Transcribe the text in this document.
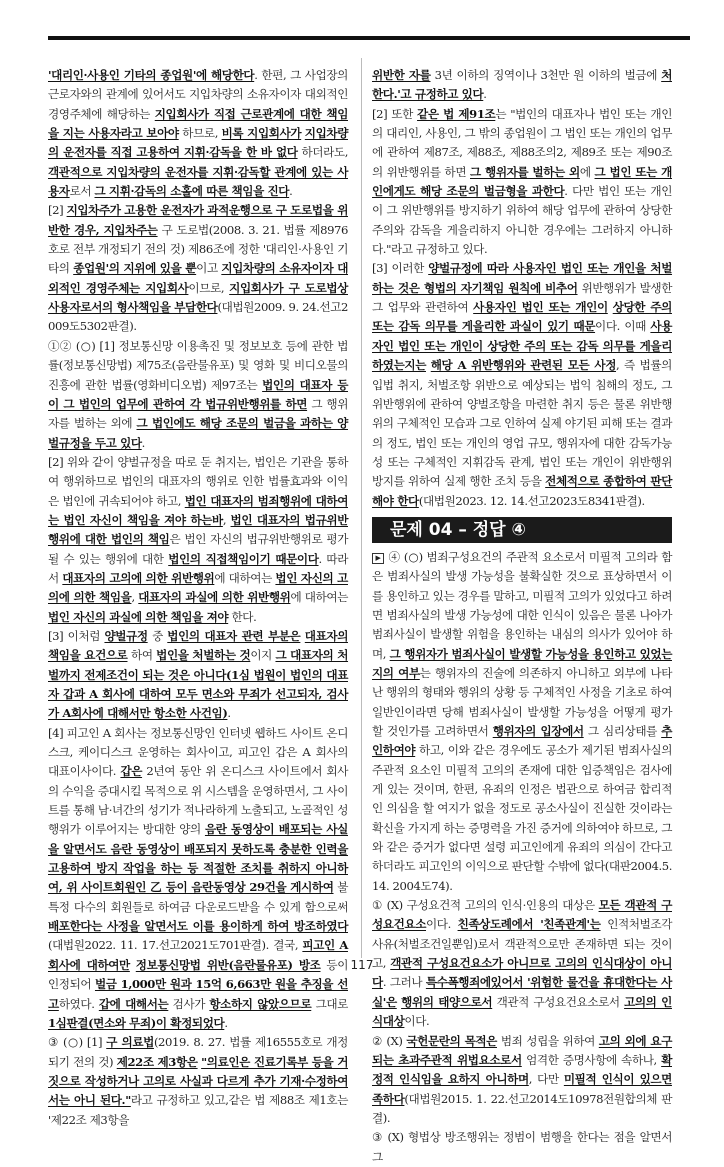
'대리인·사용인 기타의 종업원'에 해당한다. 한편, 그 사업장의 근로자와의 관계에 있어서도 지입차량의 소유자이자 대외적인 경영주체에 해당하는 지입회사가 직접 근로관계에 대한 책임을 지는 사용자라고 보아야 하므로, 비록 지입회사가 지입차량의 운전자를 직접 고용하여 지휘·감독을 한 바 없다 하더라도, 객관적으로 지입차량의 운전자를 지휘·감독할 관계에 있는 사용자로서 그 지휘·감독의 소홀에 따른 책임을 진다.

[2] 지입차주가 고용한 운전자가 과적운행으로 구 도로법을 위반한 경우, 지입차주는 구 도로법(2008. 3. 21. 법률 제8976호로 전부 개정되기 전의 것) 제86조에 정한 '대리인·사용인 기타의 종업원'의 지위에 있을 뿐이고 지입차량의 소유자이자 대외적인 경영주체는 지입회사이므로, 지입회사가 구 도로법상 사용자로서의 형사책임을 부담한다(대법원2009. 9. 24.선고2009도5302판결).

①② (○) [1] 정보통신망 이용촉진 및 정보보호 등에 관한 법률(정보통신망법) 제75조(음란물유포) 및 영화 및 비디오물의 진흥에 관한 법률(영화비디오법) 제97조는 법인의 대표자 등이 그 법인의 업무에 관하여 각 법규위반행위를 하면 그 행위자를 벌하는 외에 그 법인에도 해당 조문의 벌금을 과하는 양벌규정을 두고 있다.

[2] 위와 같이 양벌규정을 따로 둔 취지는, 법인은 기관을 통하여 행위하므로 법인의 대표자의 행위로 인한 법률효과와 이익은 법인에 귀속되어야 하고, 법인 대표자의 범죄행위에 대하여는 법인 자신이 책임을 져야 하는바, 법인 대표자의 법규위반행위에 대한 법인의 책임은 법인 자신의 법규위반행위로 평가될 수 있는 행위에 대한 법인의 직접책임이기 때문이다. 따라서 대표자의 고의에 의한 위반행위에 대하여는 법인 자신의 고의에 의한 책임을, 대표자의 과실에 의한 위반행위에 대하여는 법인 자신의 과실에 의한 책임을 져야 한다.

[3] 이처럼 양벌규정 중 법인의 대표자 관련 부분은 대표자의 책임을 요건으로 하여 법인을 처벌하는 것이지 그 대표자의 처벌까지 전제조건이 되는 것은 아니다(1심 법원이 법인의 대표자 갑과 A 회사에 대하여 모두 면소와 무죄가 선고되자, 검사가 A회사에 대해서만 항소한 사건임).

[4] 피고인 A 회사는 정보통신망인 인터넷 웹하드 사이트 온디스크, 케이디스크 운영하는 회사이고, 피고인 갑은 A 회사의 대표이사이다. 갑은 2년여 동안 위 온디스크 사이트에서 회사의 수익을 증대시킬 목적으로 위 시스템을 운영하면서, 그 사이트를 통해 남·녀간의 성기가 적나라하게 노출되고, 노골적인 성행위가 이루어지는 방대한 양의 음란 동영상이 배포되는 사실을 알면서도 음란 동영상이 배포되지 못하도록 충분한 인력을 고용하여 방지 작업을 하는 등 적절한 조치를 취하지 아니하여, 위 사이트회원인 乙 등이 음란동영상 29건을 게시하여 불특정 다수의 회원들로 하여금 다운로드받을 수 있게 함으로써 배포한다는 사정을 알면서도 이를 용이하게 하여 방조하였다(대법원2022. 11. 17.선고2021도701판결). 결국, 피고인 A 회사에 대하여만 정보통신망법 위반(음란물유포) 방조 등이 인정되어 벌금 1,000만 원과 15억 6,663만 원을 추징을 선고하였다. 갑에 대해서는 검사가 항소하지 않았으므로 그대로 1심판결(면소와 무죄)이 확정되었다.

③ (○) [1] 구 의료법(2019. 8. 27. 법률 제16555호로 개정되기 전의 것) 제22조 제3항은 "의료인은 진료기록부 등을 거짓으로 작성하거나 고의로 사실과 다르게 추가 기재·수정하여서는 아니 된다."라고 규정하고 있고,같은 법 제88조 제1호는 '제22조 제3항을

위반한 자를 3년 이하의 징역이나 3천만 원 이하의 벌금에 처한다.'고 규정하고 있다.

[2] 또한 같은 법 제91조는 "법인의 대표자나 법인 또는 개인의 대리인, 사용인, 그 밖의 종업원이 그 법인 또는 개인의 업무에 관하여 제87조, 제88조, 제88조의2, 제89조 또는 제90조의 위반행위를 하면 그 행위자를 벌하는 외에 그 법인 또는 개인에게도 해당 조문의 벌금형을 과한다. 다만 법인 또는 개인이 그 위반행위를 방지하기 위하여 해당 업무에 관하여 상당한 주의와 감독을 게을리하지 아니한 경우에는 그러하지 아니하다."라고 규정하고 있다.

[3] 이러한 양벌규정에 따라 사용자인 법인 또는 개인을 처벌하는 것은 형법의 자기책임 원칙에 비추어 위반행위가 발생한 그 업무와 관련하여 사용자인 법인 또는 개인이 상당한 주의 또는 감독 의무를 게을리한 과실이 있기 때문이다. 이때 사용자인 법인 또는 개인이 상당한 주의 또는 감독 의무를 게을리하였는지는 해당 A 위반행위와 관련된 모든 사정, 즉 법률의 입법 취지, 처벌조항 위반으로 예상되는 법익 침해의 정도, 그 위반행위에 관하여 양벌조항을 마련한 취지 등은 물론 위반행위의 구체적인 모습과 그로 인하여 실제 야기된 피해 또는 결과의 정도, 법인 또는 개인의 영업 규모, 행위자에 대한 감독가능성 또는 구체적인 지휘감독 관계, 법인 또는 개인이 위반행위 방지를 위하여 실제 행한 조치 등을 전체적으로 종합하여 판단해야 한다(대법원2023. 12. 14.선고2023도8341판결).

문제 04 – 정답 ④

▶ ④ (○) 범죄구성요건의 주관적 요소로서 미필적 고의라 함은 범죄사실의 발생 가능성을 불확실한 것으로 표상하면서 이를 용인하고 있는 경우를 말하고, 미필적 고의가 있었다고 하려면 범죄사실의 발생 가능성에 대한 인식이 있음은 물론 나아가 범죄사실이 발생할 위험을 용인하는 내심의 의사가 있어야 하며, 그 행위자가 범죄사실이 발생할 가능성을 용인하고 있었는지의 여부는 행위자의 진술에 의존하지 아니하고 외부에 나타난 행위의 형태와 행위의 상황 등 구체적인 사정을 기초로 하여 일반인이라면 당해 범죄사실이 발생할 가능성을 어떻게 평가할 것인가를 고려하면서 행위자의 입장에서 그 심리상태를 추인하여야 하고, 이와 같은 경우에도 공소가 제기된 범죄사실의 주관적 요소인 미필적 고의의 존재에 대한 입증책임은 검사에게 있는 것이며, 한편, 유죄의 인정은 법관으로 하여금 합리적인 의심을 할 여지가 없을 정도로 공소사실이 진실한 것이라는 확신을 가지게 하는 증명력을 가진 증거에 의하여야 하므로, 그와 같은 증거가 없다면 설령 피고인에게 유죄의 의심이 간다고 하더라도 피고인의 이익으로 판단할 수밖에 없다(대판2004.5.14. 2004도74).

① (X) 구성요건적 고의의 인식·인용의 대상은 모든 객관적 구성요건요소이다. 친족상도례에서 '친족관계'는 인적처벌조각사유(처벌조건일뿐임)로서 객관적으로만 존재하면 되는 것이고, 객관적 구성요건요소가 아니므로 고의의 인식대상이 아니다. 그러나 특수폭행죄에있어서 '위험한 물건을 휴대한다는 사실'은 행위의 태양으로서 객관적 구성요건요소로서 고의의 인식대상이다.

② (X) 국헌문란의 목적은 범죄 성립을 위하여 고의 외에 요구되는 초과주관적 위법요소로서 엄격한 증명사항에 속하나, 확정적 인식임을 요하지 아니하며, 다만 미필적 인식이 있으면 족하다(대법원2015. 1. 22.선고2014도10978전원합의체 판결).

③ (X) 형법상 방조행위는 정범이 범행을 한다는 점을 알면서 그

117
